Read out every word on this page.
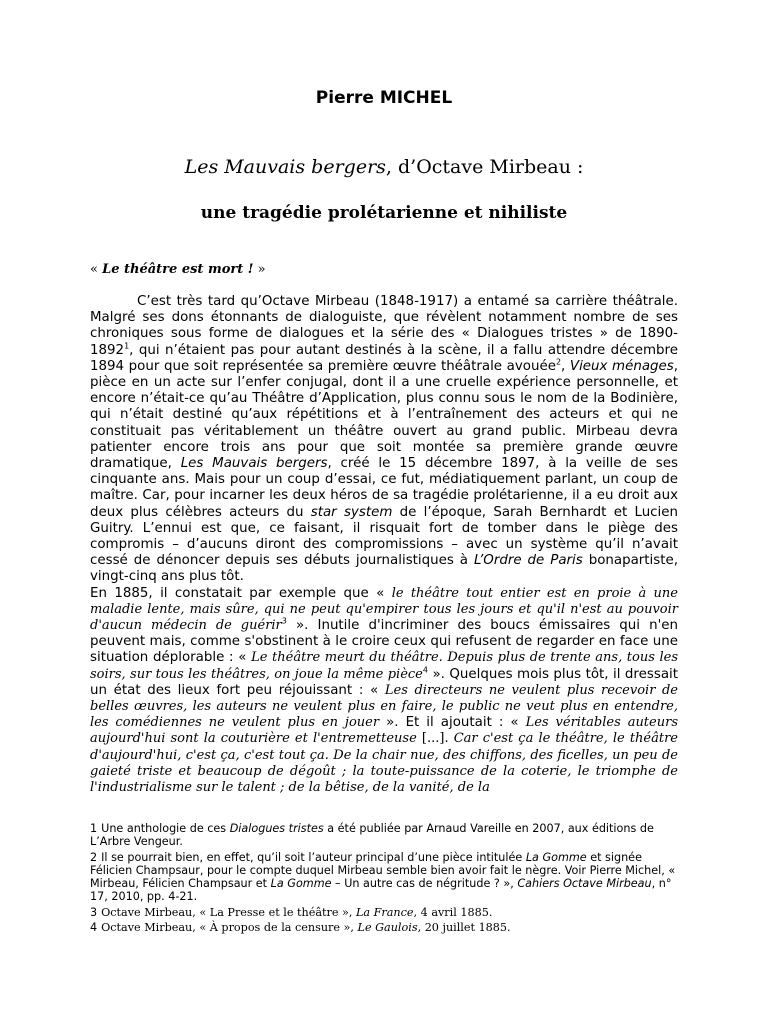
Pierre MICHEL
Les Mauvais bergers, d’Octave Mirbeau :
une tragédie prolétarienne et nihiliste
« Le théâtre est mort ! »

C’est très tard qu’Octave Mirbeau (1848-1917) a entamé sa carrière théâtrale. Malgré ses dons étonnants de dialoguiste, que révèlent notamment nombre de ses chroniques sous forme de dialogues et la série des « Dialogues tristes » de 1890-1892$^1$, qui n’étaient pas pour autant destinés à la scène, il a fallu attendre décembre 1894 pour que soit représentée sa première œuvre théâtrale avouée$^2$, Vieux ménages, pièce en un acte sur l’enfer conjugal, dont il a une cruelle expérience personnelle, et encore n’était-ce qu’au Théâtre d’Application, plus connu sous le nom de la Bodinière, qui n’était destiné qu’aux répétitions et à l’entraînement des acteurs et qui ne constituait pas véritablement un théâtre ouvert au grand public. Mirbeau devra patienter encore trois ans pour que soit montée sa première grande œuvre dramatique, Les Mauvais bergers, créé le 15 décembre 1897, à la veille de ses cinquante ans. Mais pour un coup d’essai, ce fut, médiatiquement parlant, un coup de maître. Car, pour incarner les deux héros de sa tragédie prolétarienne, il a eu droit aux deux plus célèbres acteurs du star system de l’époque, Sarah Bernhardt et Lucien Guitry. L’ennui est que, ce faisant, il risquait fort de tomber dans le piège des compromis – d’aucuns diront des compromissions – avec un système qu’il n’avait cessé de dénoncer depuis ses débuts journalistiques à L’Ordre de Paris bonapartiste, vingt-cinq ans plus tôt.

En 1885, il constatait par exemple que « le théâtre tout entier est en proie à une maladie lente, mais sûre, qui ne peut qu'empirer tous les jours et qu'il n'est au pouvoir d'aucun médecin de guérir$^3$ ». Inutile d'incriminer des boucs émissaires qui n'en peuvent mais, comme s'obstinent à le croire ceux qui refusent de regarder en face une situation déplorable : « Le théâtre meurt du théâtre. Depuis plus de trente ans, tous les soirs, sur tous les théâtres, on joue la même pièce$^4$ ». Quelques mois plus tôt, il dressait un état des lieux fort peu réjouissant : « Les directeurs ne veulent plus recevoir de belles œuvres, les auteurs ne veulent plus en faire, le public ne veut plus en entendre, les comédiennes ne veulent plus en jouer ». Et il ajoutait : « Les véritables auteurs aujourd'hui sont la couturière et l'entremetteuse [...]. Car c'est ça le théâtre, le théâtre d'aujourd'hui, c'est ça, c'est tout ça. De la chair nue, des chiffons, des ficelles, un peu de gaieté triste et beaucoup de dégoût ; la toute-puissance de la coterie, le triomphe de l'industrialisme sur le talent ; de la bêtise, de la vanité, de la

1 Une anthologie de ces Dialogues tristes a été publiée par Arnaud Vareille en 2007, aux éditions de L’Arbre Vengeur.
2 Il se pourrait bien, en effet, qu’il soit l’auteur principal d’une pièce intitulée La Gomme et signée Félicien Champsaur, pour le compte duquel Mirbeau semble bien avoir fait le nègre. Voir Pierre Michel, « Mirbeau, Félicien Champsaur et La Gomme – Un autre cas de négritude ? », Cahiers Octave Mirbeau, n° 17, 2010, pp. 4-21.
3 Octave Mirbeau, « La Presse et le théâtre », La France, 4 avril 1885.
4 Octave Mirbeau, « À propos de la censure », Le Gaulois, 20 juillet 1885.
